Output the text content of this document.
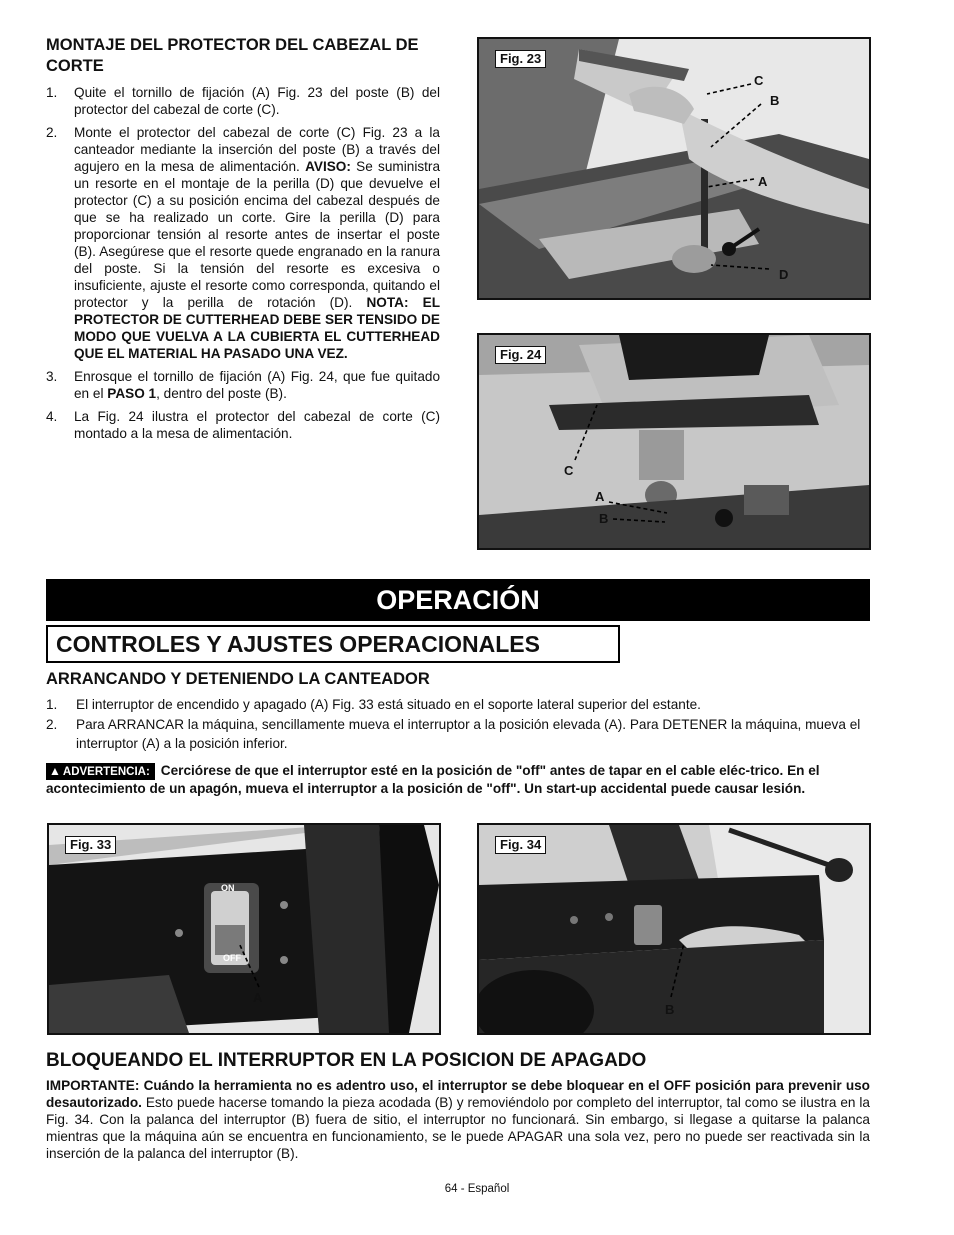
MONTAJE DEL PROTECTOR DEL CABEZAL DE CORTE
1. Quite el tornillo de fijación (A) Fig. 23 del poste (B) del protector del cabezal de corte (C).
2. Monte el protector del cabezal de corte (C) Fig. 23 a la canteador mediante la inserción del poste (B) a través del agujero en la mesa de alimentación. AVISO: Se suministra un resorte en el montaje de la perilla (D) que devuelve el protector (C) a su posición encima del cabezal después de que se ha realizado un corte. Gire la perilla (D) para proporcionar tensión al resorte antes de insertar el poste (B). Asegúrese que el resorte quede engranado en la ranura del poste. Si la tensión del resorte es excesiva o insuficiente, ajuste el resorte como corresponda, quitando el protector y la perilla de rotación (D). NOTA: EL PROTECTOR DE CUTTERHEAD DEBE SER TENSIDO DE MODO QUE VUELVA A LA CUBIERTA EL CUTTERHEAD QUE EL MATERIAL HA PASADO UNA VEZ.
3. Enrosque el tornillo de fijación (A) Fig. 24, que fue quitado en el PASO 1, dentro del poste (B).
4. La Fig. 24 ilustra el protector del cabezal de corte (C) montado a la mesa de alimentación.
Fig. 23
C
B
A
D
Fig. 24
C
A
B
OPERACIÓN
CONTROLES Y AJUSTES OPERACIONALES
ARRANCANDO Y DETENIENDO LA CANTEADOR
1. El interruptor de encendido y apagado (A) Fig. 33 está situado en el soporte lateral superior del estante.
2. Para ARRANCAR la máquina, sencillamente mueva el interruptor a la posición elevada (A). Para DETENER la máquina, mueva el interruptor (A) a la posición inferior.

▲ ADVERTENCIA: Cerciórese de que el interruptor esté en la posición de "off" antes de tapar en el cable eléc-trico. En el acontecimiento de un apagón, mueva el interruptor a la posición de "off". Un start-up accidental puede causar lesión.

Fig. 33
ON
OFF
A
Fig. 34
B
BLOQUEANDO EL INTERRUPTOR EN LA POSICION DE APAGADO

IMPORTANTE: Cuándo la herramienta no es adentro uso, el interruptor se debe bloquear en el OFF posición para prevenir uso desautorizado. Esto puede hacerse tomando la pieza acodada (B) y removiéndolo por completo del interruptor, tal como se ilustra en la Fig. 34. Con la palanca del interruptor (B) fuera de sitio, el interruptor no funcionará. Sin embargo, si llegase a quitarse la palanca mientras que la máquina aún se encuentra en funcionamiento, se le puede APAGAR una sola vez, pero no puede ser reactivada sin la inserción de la palanca del interruptor (B).

64 - Español
